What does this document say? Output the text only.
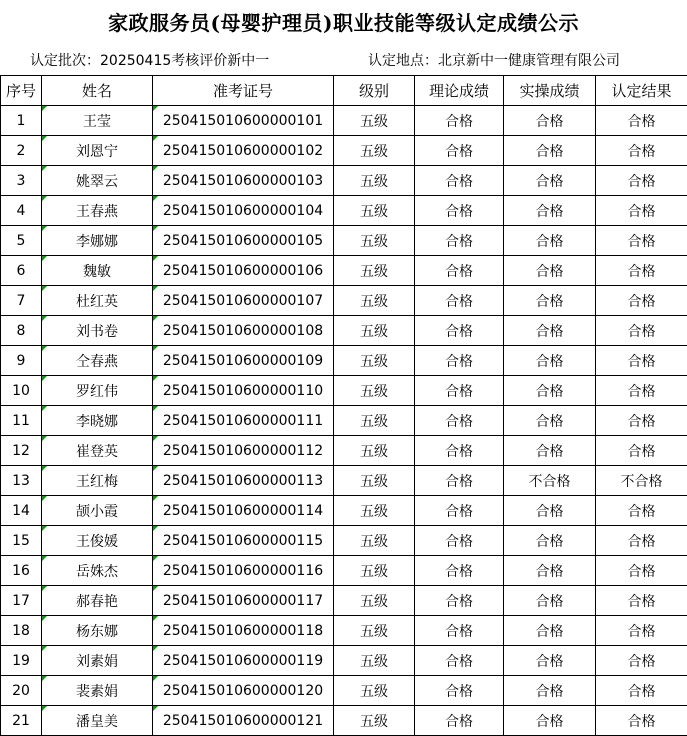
家政服务员(母婴护理员)职业技能等级认定成绩公示
认定批次：20250415考核评价新中一	认定地点：北京新中一健康管理有限公司
序号	姓名	准考证号	级别	理论成绩	实操成绩	认定结果
1	王莹	250415010600000101	五级	合格	合格	合格
2	刘恩宁	250415010600000102	五级	合格	合格	合格
3	姚翠云	250415010600000103	五级	合格	合格	合格
4	王春燕	250415010600000104	五级	合格	合格	合格
5	李娜娜	250415010600000105	五级	合格	合格	合格
6	魏敏	250415010600000106	五级	合格	合格	合格
7	杜红英	250415010600000107	五级	合格	合格	合格
8	刘书卷	250415010600000108	五级	合格	合格	合格
9	仝春燕	250415010600000109	五级	合格	合格	合格
10	罗红伟	250415010600000110	五级	合格	合格	合格
11	李晓娜	250415010600000111	五级	合格	合格	合格
12	崔登英	250415010600000112	五级	合格	合格	合格
13	王红梅	250415010600000113	五级	合格	不合格	不合格
14	颉小霞	250415010600000114	五级	合格	合格	合格
15	王俊媛	250415010600000115	五级	合格	合格	合格
16	岳姝杰	250415010600000116	五级	合格	合格	合格
17	郝春艳	250415010600000117	五级	合格	合格	合格
18	杨东娜	250415010600000118	五级	合格	合格	合格
19	刘素娟	250415010600000119	五级	合格	合格	合格
20	裴素娟	250415010600000120	五级	合格	合格	合格
21	潘皇美	250415010600000121	五级	合格	合格	合格
